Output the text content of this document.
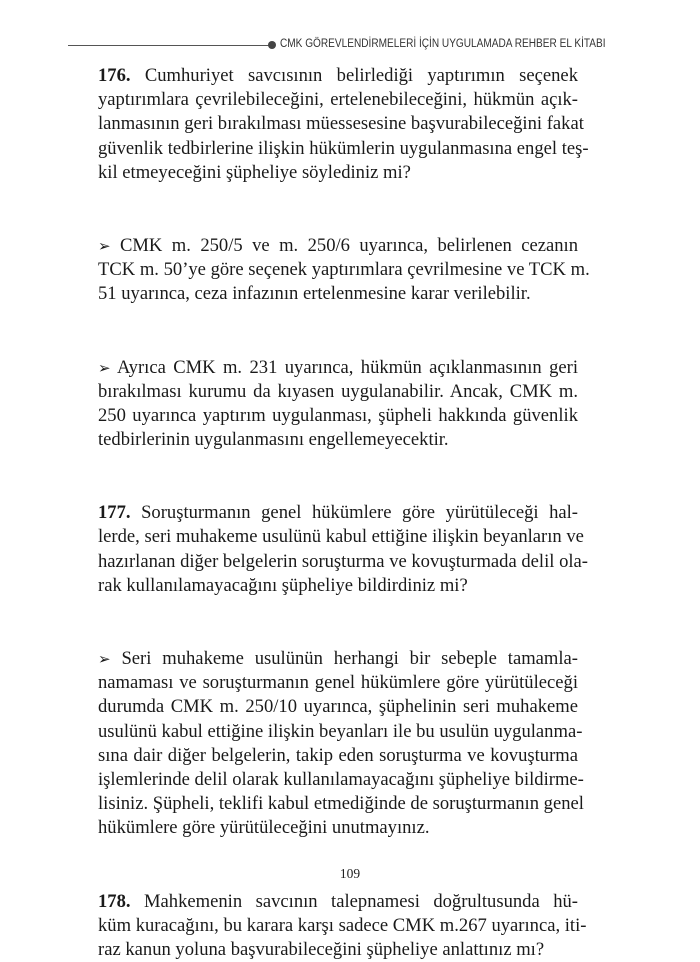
CMK GÖREVLENDİRMELERİ İÇİN UYGULAMADA REHBER EL KİTABI
176. Cumhuriyet savcısının belirlediği yaptırımın seçenek
yaptırımlara çevrilebileceğini, ertelenebileceğini, hükmün açık-
lanmasının geri bırakılması müessesesine başvurabileceğini fakat
güvenlik tedbirlerine ilişkin hükümlerin uygulanmasına engel teş-
kil etmeyeceğini şüpheliye söylediniz mi?
➢ CMK m. 250/5 ve m. 250/6 uyarınca, belirlenen cezanın
TCK m. 50’ye göre seçenek yaptırımlara çevrilmesine ve TCK m.
51 uyarınca, ceza infazının ertelenmesine karar verilebilir.
➢ Ayrıca CMK m. 231 uyarınca, hükmün açıklanmasının geri
bırakılması kurumu da kıyasen uygulanabilir. Ancak, CMK m.
250 uyarınca yaptırım uygulanması, şüpheli hakkında güvenlik
tedbirlerinin uygulanmasını engellemeyecektir.
177. Soruşturmanın genel hükümlere göre yürütüleceği hal-
lerde, seri muhakeme usulünü kabul ettiğine ilişkin beyanların ve
hazırlanan diğer belgelerin soruşturma ve kovuşturmada delil ola-
rak kullanılamayacağını şüpheliye bildirdiniz mi?
➢ Seri muhakeme usulünün herhangi bir sebeple tamamla-
namaması ve soruşturmanın genel hükümlere göre yürütüleceği
durumda CMK m. 250/10 uyarınca, şüphelinin seri muhakeme
usulünü kabul ettiğine ilişkin beyanları ile bu usulün uygulanma-
sına dair diğer belgelerin, takip eden soruşturma ve kovuşturma
işlemlerinde delil olarak kullanılamayacağını şüpheliye bildirme-
lisiniz. Şüpheli, teklifi kabul etmediğinde de soruşturmanın genel
hükümlere göre yürütüleceğini unutmayınız.
178. Mahkemenin savcının talepnamesi doğrultusunda hü-
küm kuracağını, bu karara karşı sadece CMK m.267 uyarınca, iti-
raz kanun yoluna başvurabileceğini şüpheliye anlattınız mı?
109
